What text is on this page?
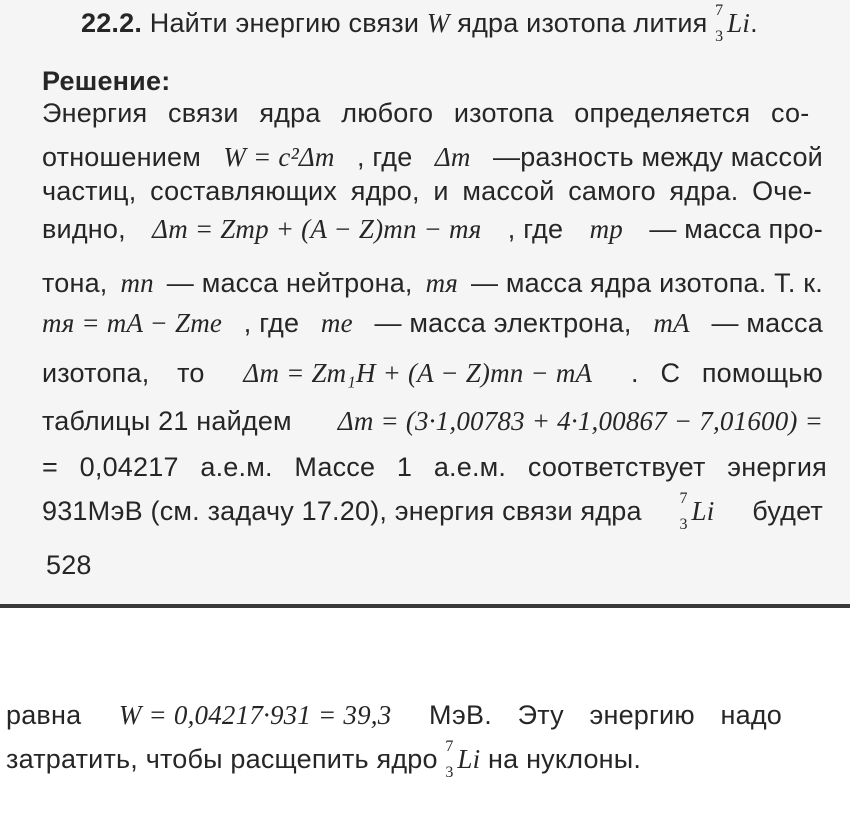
22.2. Найти энергию связи W ядра изотопа лития 7
3 Li.
Решение:
Энергия связи ядра любого изотопа определяется со-
отношением W = c²Δm , где Δm —разность между массой
частиц, составляющих ядро, и массой самого ядра. Оче-
видно, Δm = Zmp + (A − Z)mn − mя , где mp — масса про-
тона, mn — масса нейтрона, mя — масса ядра изотопа. Т. к.
mя = mA − Zme , где me — масса электрона, mA — масса
изотопа, то Δm = Zm₁H + (A − Z)mn − mA . С помощью
таблицы 21 найдем Δm = (3·1,00783 + 4·1,00867 − 7,01600) =
= 0,04217 а.е.м. Массе 1 а.е.м. соответствует энергия
931МэВ (см. задачу 17.20), энергия связи ядра 7
3 Li будет
528
равна W = 0,04217·931 = 39,3 МэВ. Эту энергию надо
затратить, чтобы расщепить ядро 7
3 Li на нуклоны.
